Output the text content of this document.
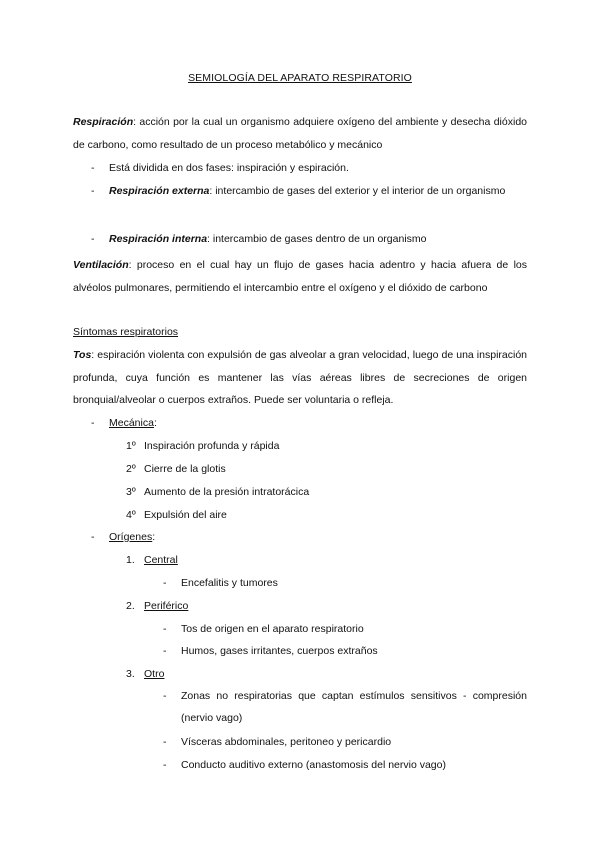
SEMIOLOGÍA DEL APARATO RESPIRATORIO
Respiración: acción por la cual un organismo adquiere oxígeno del ambiente y desecha dióxido de carbono, como resultado de un proceso metabólico y mecánico
-	Está dividida en dos fases: inspiración y espiración.
-	Respiración externa: intercambio de gases del exterior y el interior de un organismo
-	Respiración interna: intercambio de gases dentro de un organismo
Ventilación: proceso en el cual hay un flujo de gases hacia adentro y hacia afuera de los alvéolos pulmonares, permitiendo el intercambio entre el oxígeno y el dióxido de carbono
Síntomas respiratorios
Tos: espiración violenta con expulsión de gas alveolar a gran velocidad, luego de una inspiración profunda, cuya función es mantener las vías aéreas libres de secreciones de origen bronquial/alveolar o cuerpos extraños. Puede ser voluntaria o refleja.
- Mecánica:
1º Inspiración profunda y rápida
2º Cierre de la glotis
3º Aumento de la presión intratorácica
4º Expulsión del aire
- Orígenes:
1. Central
- Encefalitis y tumores
2. Periférico
- Tos de origen en el aparato respiratorio
- Humos, gases irritantes, cuerpos extraños
3. Otro
-	Zonas no respiratorias que captan estímulos sensitivos - compresión (nervio vago)
- Vísceras abdominales, peritoneo y pericardio
- Conducto auditivo externo (anastomosis del nervio vago)
